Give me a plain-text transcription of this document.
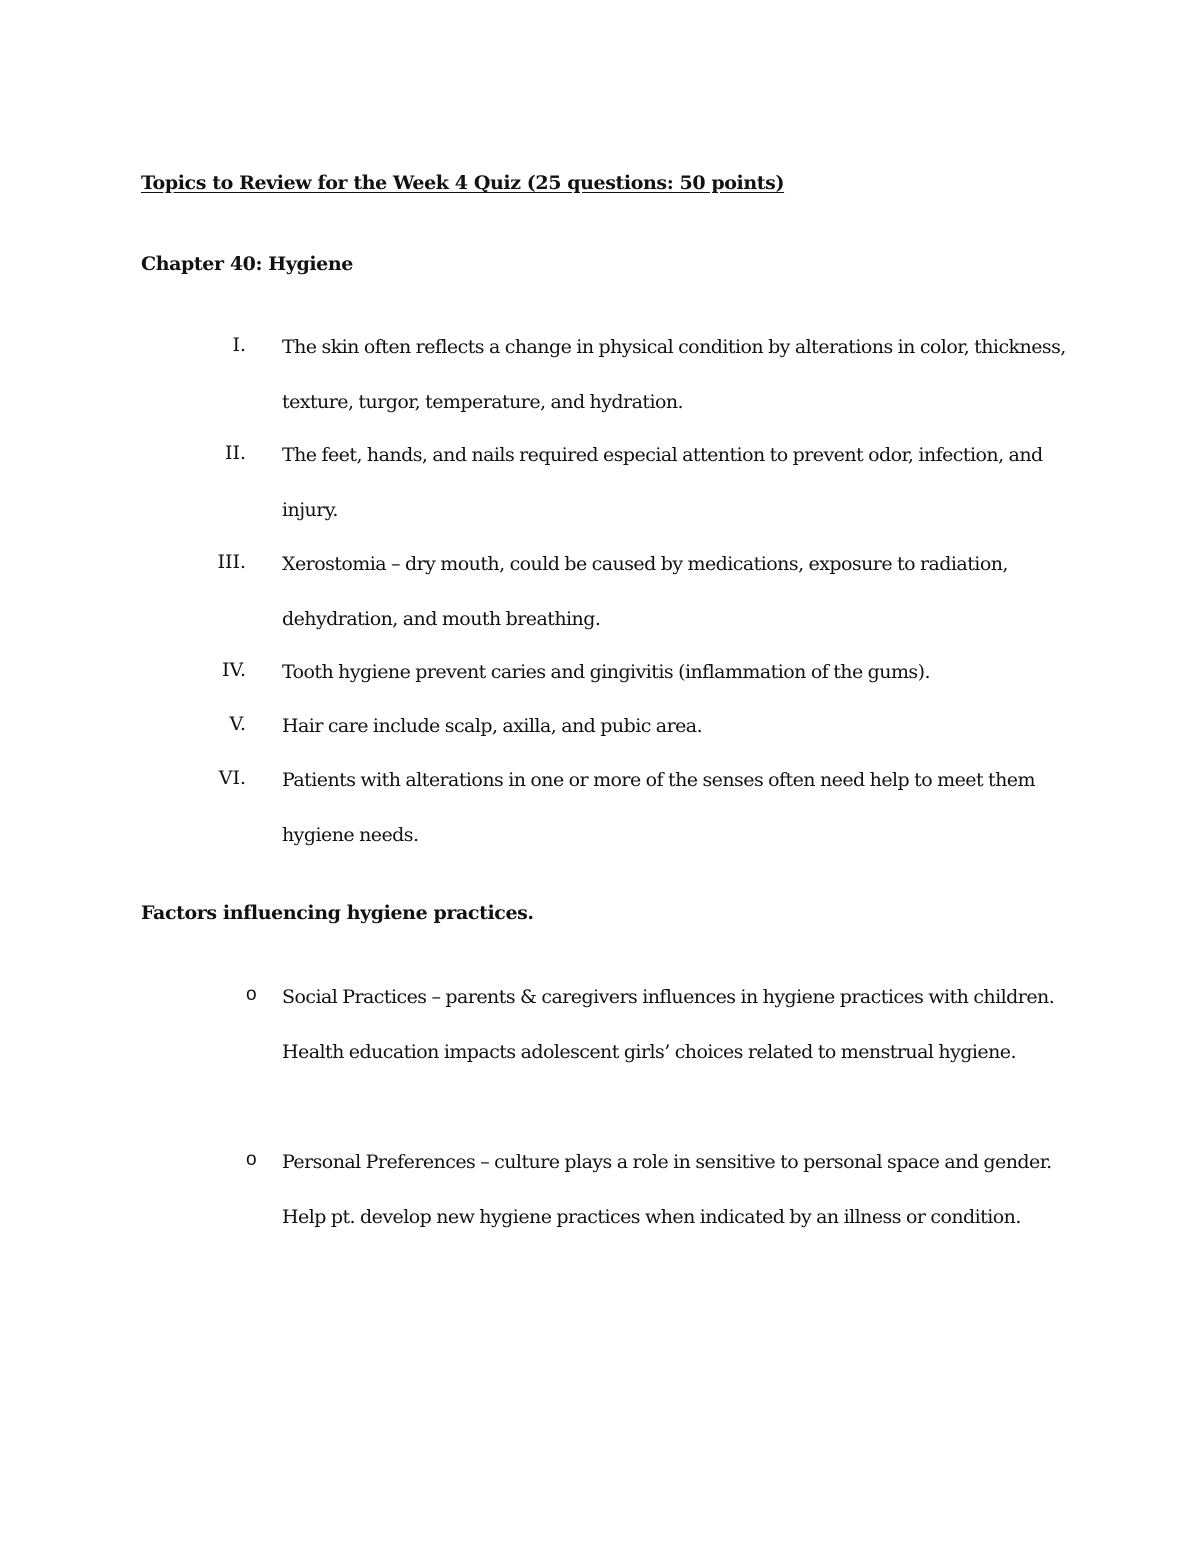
Topics to Review for the Week 4 Quiz (25 questions: 50 points)
Chapter 40: Hygiene
I. The skin often reflects a change in physical condition by alterations in color, thickness, texture, turgor, temperature, and hydration.
II. The feet, hands, and nails required especial attention to prevent odor, infection, and injury.
III. Xerostomia – dry mouth, could be caused by medications, exposure to radiation, dehydration, and mouth breathing.
IV. Tooth hygiene prevent caries and gingivitis (inflammation of the gums).
V. Hair care include scalp, axilla, and pubic area.
VI. Patients with alterations in one or more of the senses often need help to meet them hygiene needs.
Factors influencing hygiene practices.
o	Social Practices – parents & caregivers influences in hygiene practices with children. Health education impacts adolescent girls’ choices related to menstrual hygiene.
o	Personal Preferences – culture plays a role in sensitive to personal space and gender. Help pt. develop new hygiene practices when indicated by an illness or condition.
